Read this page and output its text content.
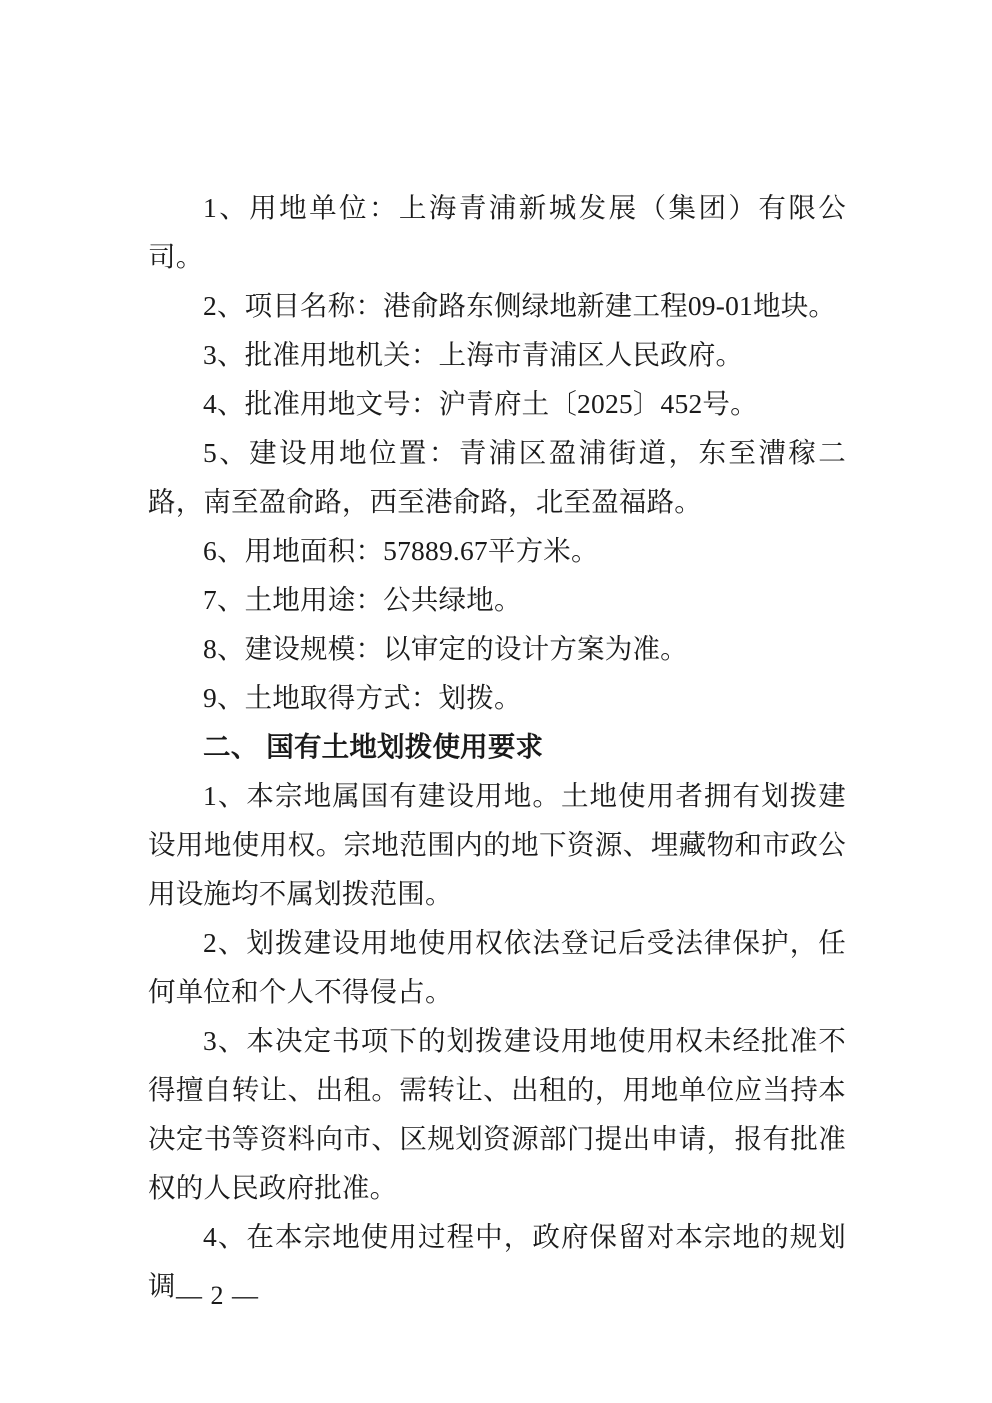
1、用地单位：上海青浦新城发展（集团）有限公司。

2、项目名称：港俞路东侧绿地新建工程09-01地块。

3、批准用地机关：上海市青浦区人民政府。

4、批准用地文号：沪青府土〔2025〕452号。

5、建设用地位置：青浦区盈浦街道，东至漕稼二路，南至盈俞路，西至港俞路，北至盈福路。

6、用地面积：57889.67平方米。

7、土地用途：公共绿地。

8、建设规模：以审定的设计方案为准。

9、土地取得方式：划拨。

二、 国有土地划拨使用要求

1、本宗地属国有建设用地。土地使用者拥有划拨建设用地使用权。宗地范围内的地下资源、埋藏物和市政公用设施均不属划拨范围。

2、划拨建设用地使用权依法登记后受法律保护，任何单位和个人不得侵占。

3、本决定书项下的划拨建设用地使用权未经批准不得擅自转让、出租。需转让、出租的，用地单位应当持本决定书等资料向市、区规划资源部门提出申请，报有批准权的人民政府批准。

4、在本宗地使用过程中，政府保留对本宗地的规划调 — 2 —
